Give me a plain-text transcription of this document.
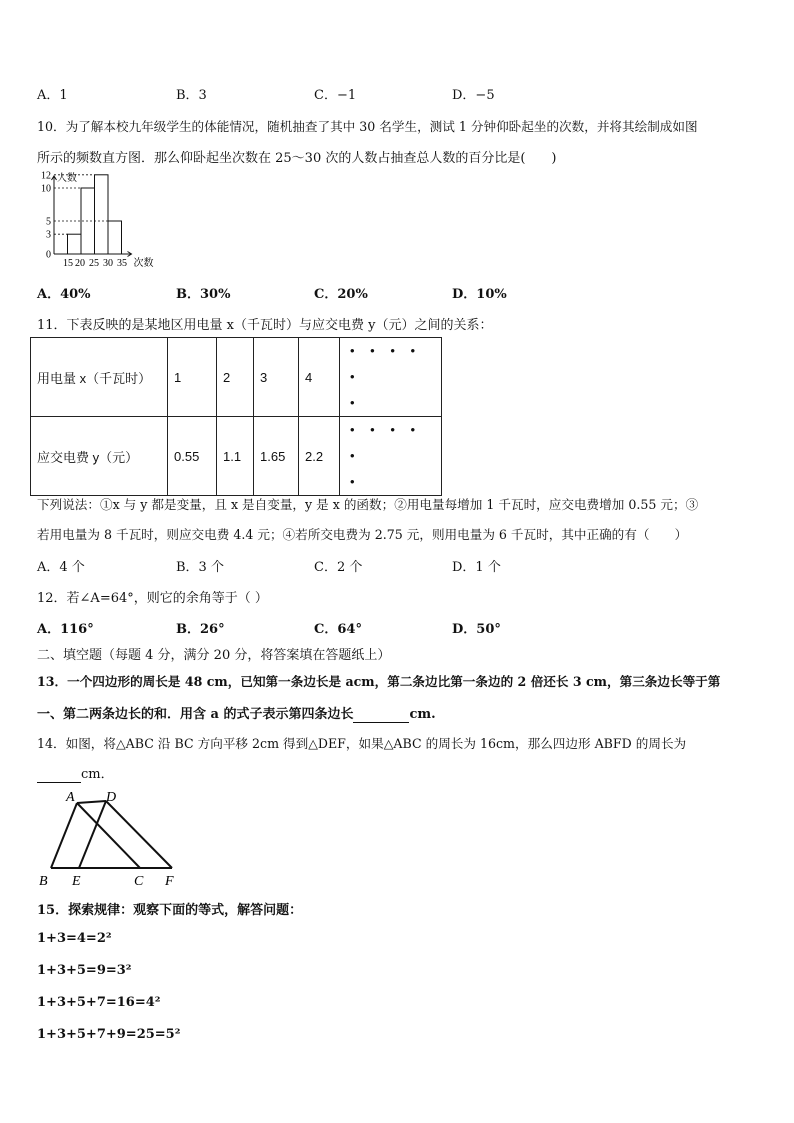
A．1	B．3	C．−1	D．−5
10．为了解本校九年级学生的体能情况，随机抽查了其中 30 名学生，测试 1 分钟仰卧起坐的次数，并将其绘制成如图
所示的频数直方图．那么仰卧起坐次数在 25～30 次的人数占抽查总人数的百分比是(　　)
0
3
5
10
12
15 20 25 30 35
人数
次数
A．40%	B．30%	C．20%	D．10%
11．下表反映的是某地区用电量 x（千瓦时）与应交电费 y（元）之间的关系：
用电量 x（千瓦时）	1	2	3	4	• • • • •
•

应交电费 y（元）	0.55	1.1	1.65	2.2	• • • • •
•
下列说法：①x 与 y 都是变量，且 x 是自变量，y 是 x 的函数；②用电量每增加 1 千瓦时，应交电费增加 0.55 元；③
若用电量为 8 千瓦时，则应交电费 4.4 元；④若所交电费为 2.75 元，则用电量为 6 千瓦时，其中正确的有（　　）
A．4 个	B．3 个	C．2 个	D．1 个
12．若∠A=64°，则它的余角等于（ ）
A．116°	B．26°	C．64°	D．50°
二、填空题（每题 4 分，满分 20 分，将答案填在答题纸上）
13．一个四边形的周长是 48 cm，已知第一条边长是 acm，第二条边比第一条边的 2 倍还长 3 cm，第三条边长等于第
一、第二两条边长的和．用含 a 的式子表示第四条边长	cm.
14．如图，将△ABC 沿 BC 方向平移 2cm 得到△DEF，如果△ABC 的周长为 16cm，那么四边形 ABFD 的周长为
cm．
A D
B E	C F
15．探索规律：观察下面的等式，解答问题：
1+3=4=2²
1+3+5=9=3²
1+3+5+7=16=4²
1+3+5+7+9=25=5²
